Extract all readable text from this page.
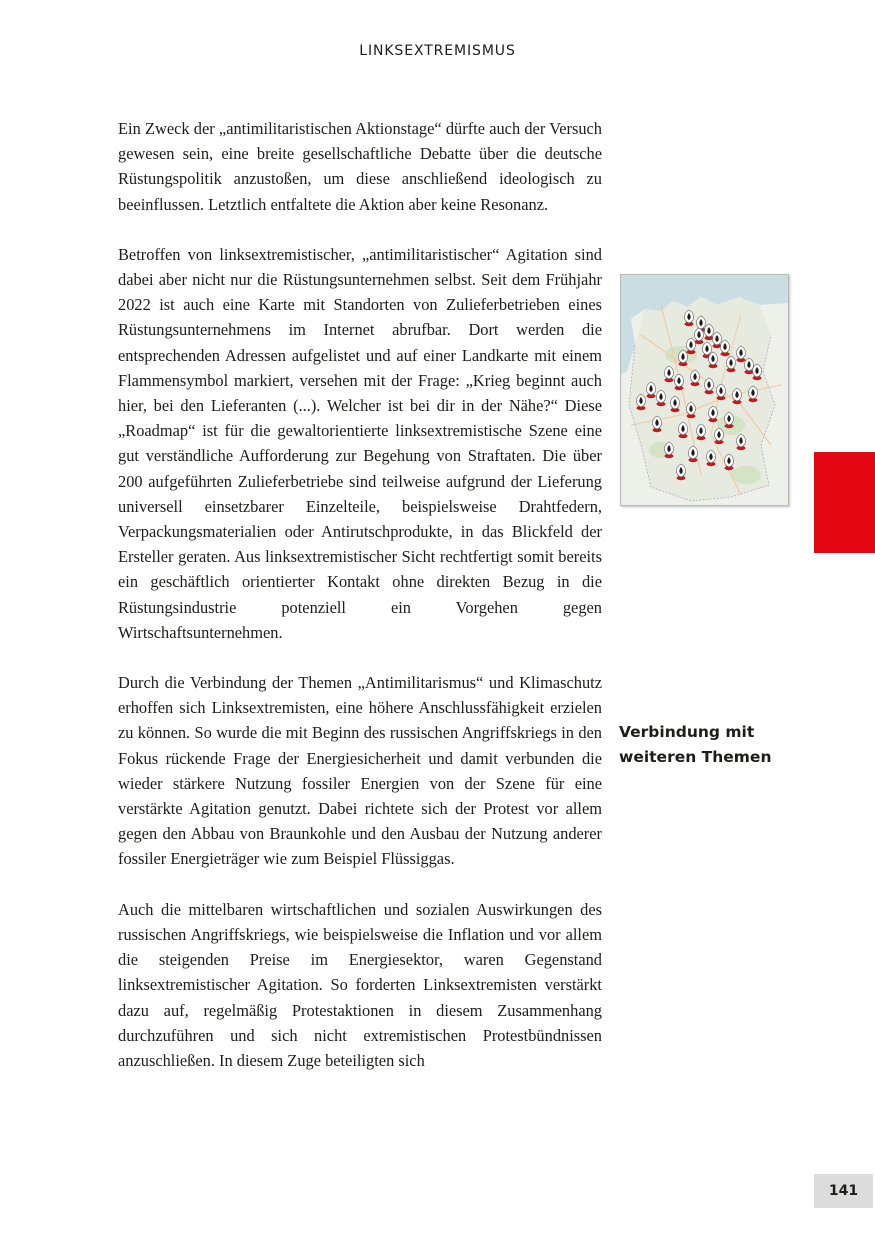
LINKSEXTREMISMUS

Ein Zweck der „antimilitaristischen Aktionstage“ dürfte auch der Versuch gewesen sein, eine breite gesellschaftliche Debatte über die deutsche Rüstungspolitik anzustoßen, um diese anschließend ideologisch zu beeinflussen. Letztlich entfaltete die Aktion aber keine Resonanz.

Betroffen von linksextremistischer, „antimilitaristischer“ Agitation sind dabei aber nicht nur die Rüstungsunternehmen selbst. Seit dem Frühjahr 2022 ist auch eine Karte mit Standorten von Zulieferbetrieben eines Rüstungsunternehmens im Internet abrufbar. Dort werden die entsprechenden Adressen aufgelistet und auf einer Landkarte mit einem Flammensymbol markiert, versehen mit der Frage: „Krieg beginnt auch hier, bei den Lieferanten (...). Welcher ist bei dir in der Nähe?“ Diese „Roadmap“ ist für die gewaltorientierte linksextremistische Szene eine gut verständliche Aufforderung zur Begehung von Straftaten. Die über 200 aufgeführten Zulieferbetriebe sind teilweise aufgrund der Lieferung universell einsetzbarer Einzelteile, beispielsweise Drahtfedern, Verpackungsmaterialien oder Antirutschprodukte, in das Blickfeld der Ersteller geraten. Aus linksextremistischer Sicht rechtfertigt somit bereits ein geschäftlich orientierter Kontakt ohne direkten Bezug in die Rüstungsindustrie potenziell ein Vorgehen gegen Wirtschaftsunternehmen.

Durch die Verbindung der Themen „Antimilitarismus“ und Klimaschutz erhoffen sich Linksextremisten, eine höhere Anschlussfähigkeit erzielen zu können. So wurde die mit Beginn des russischen Angriffskriegs in den Fokus rückende Frage der Energiesicherheit und damit verbunden die wieder stärkere Nutzung fossiler Energien von der Szene für eine verstärkte Agitation genutzt. Dabei richtete sich der Protest vor allem gegen den Abbau von Braunkohle und den Ausbau der Nutzung anderer fossiler Energieträger wie zum Beispiel Flüssiggas.

Auch die mittelbaren wirtschaftlichen und sozialen Auswirkungen des russischen Angriffskriegs, wie beispielsweise die Inflation und vor allem die steigenden Preise im Energiesektor, waren Gegenstand linksextremistischer Agitation. So forderten Linksextremisten verstärkt dazu auf, regelmäßig Protestaktionen in diesem Zusammenhang durchzuführen und sich nicht extremistischen Protestbündnissen anzuschließen. In diesem Zuge beteiligten sich

Verbindung mit
weiteren Themen
141
